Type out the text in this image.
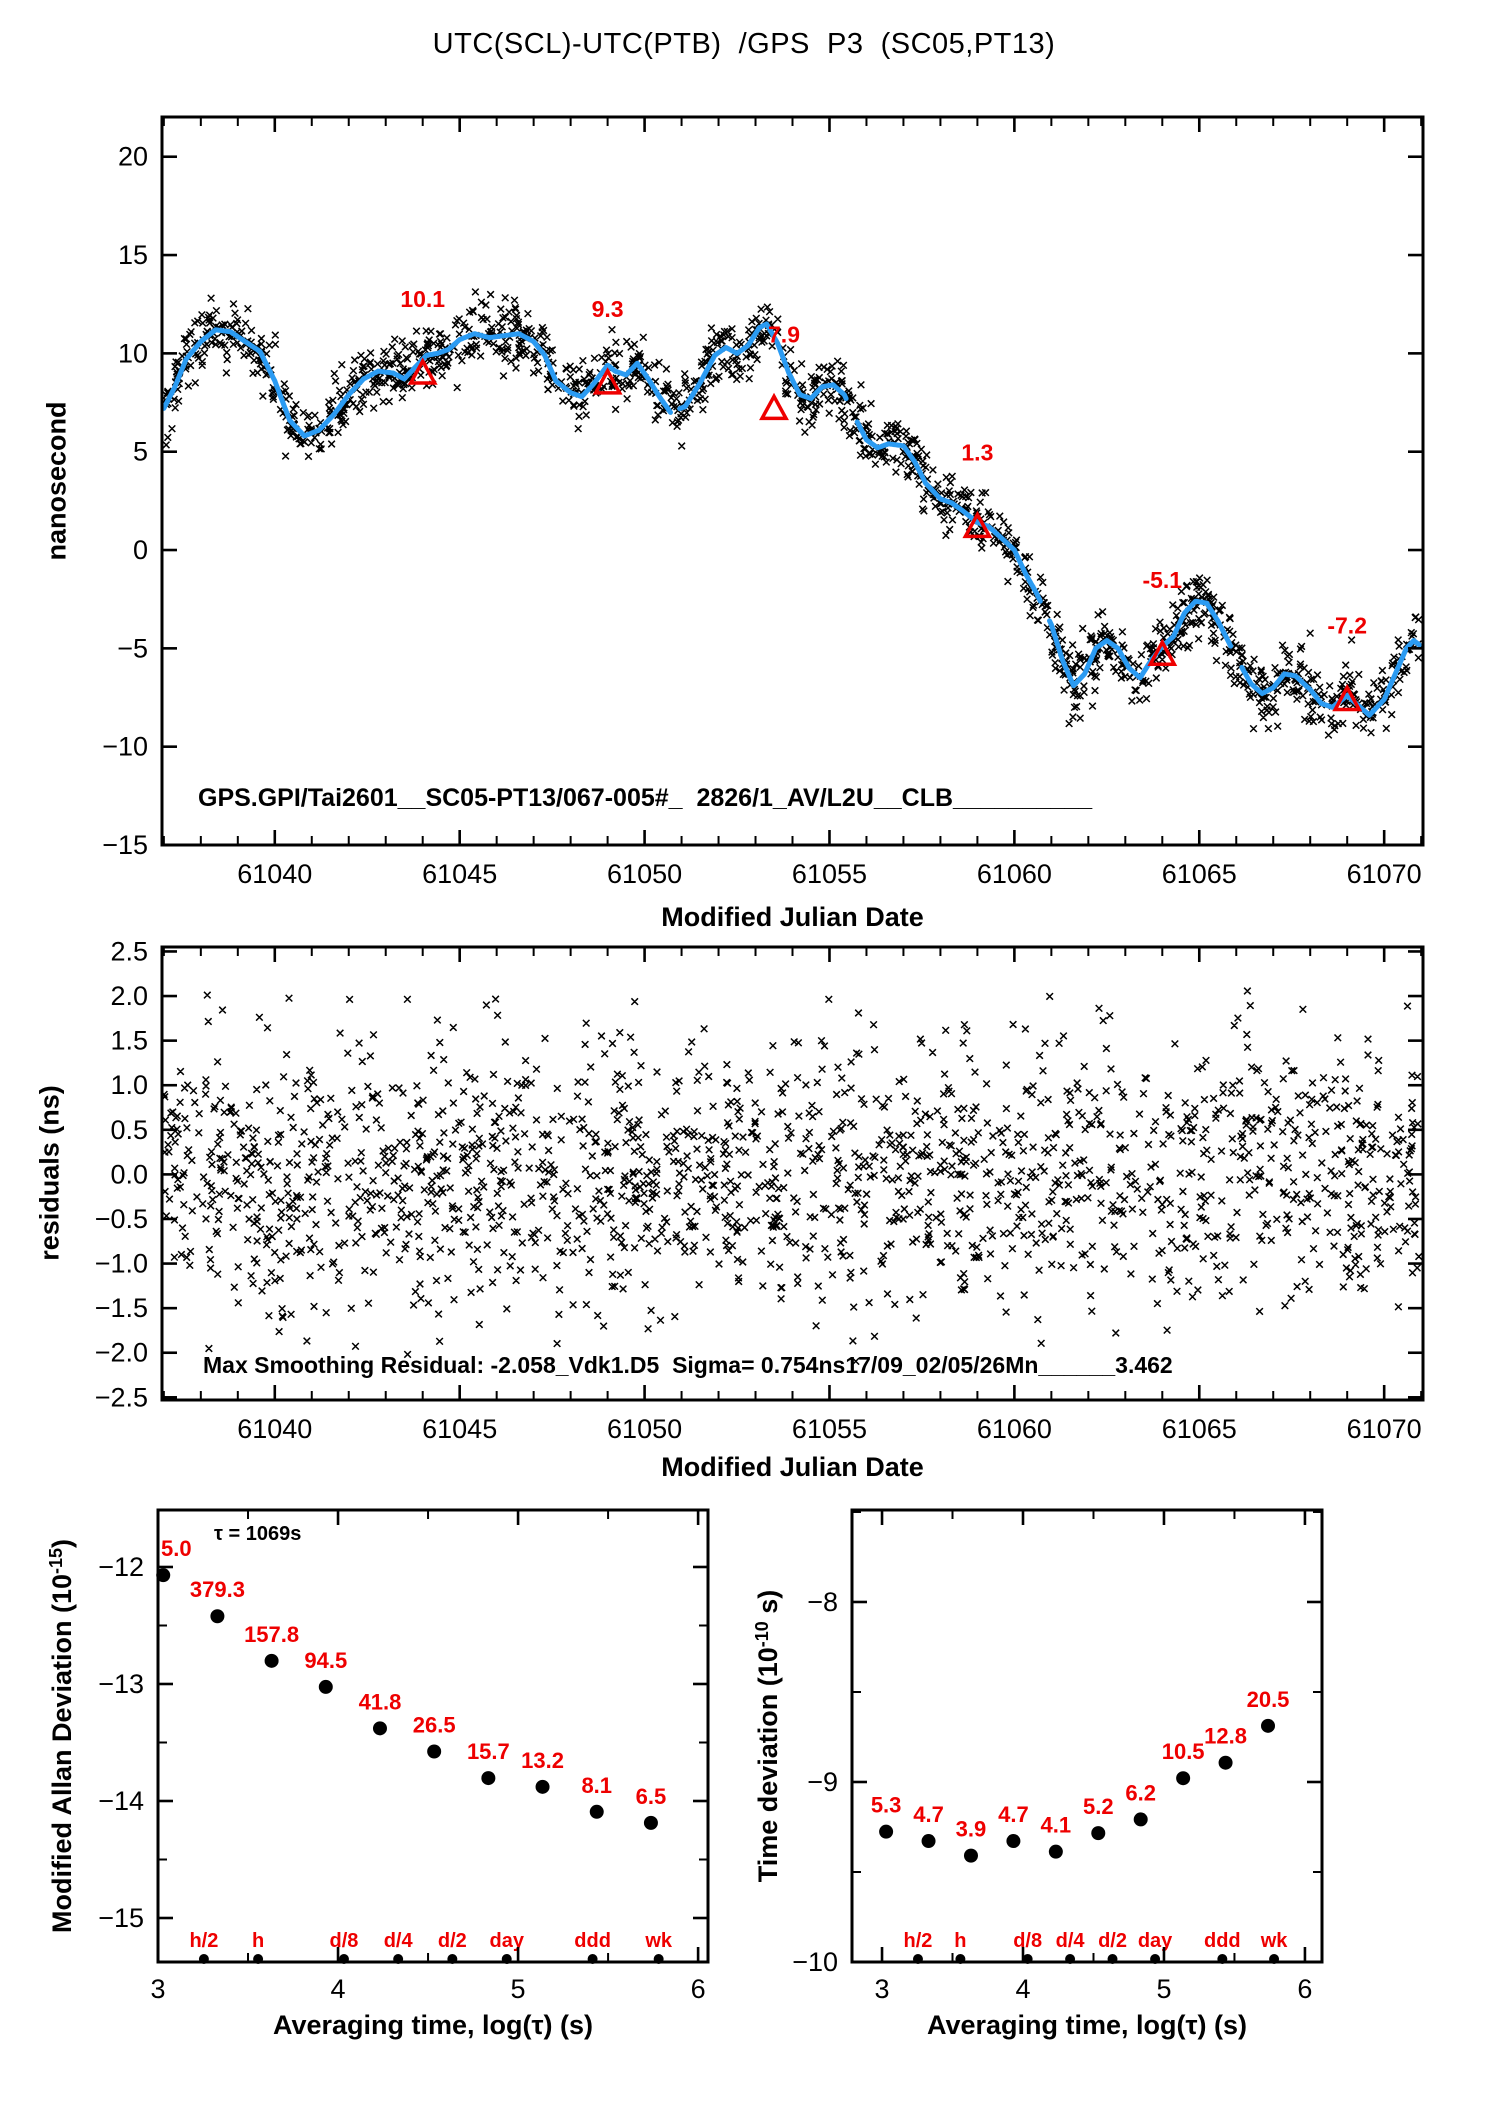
10.1	9.3
7.9
1.3
-5.1
-7.2
61040	61045	61050	61055	61060	61065	61070
20
15
10
5
0
−5
−10
−15
61040	61045	61050	61055	61060	61065	61070
2.5
2.0
1.5
1.0
0.5
0.0
−0.5
−1.0
−1.5
−2.0
−2.5
5.0
379.3
157.8
94.5
41.8
26.5
15.7 13.2
8.1 6.5
h/2 h	d/8 d/4 d/2 day	ddd wk
3	4	5	6
−12
−13
−14
−15
5.3 4.7
3.9
4.7 4.1
5.2
6.2
10.5
12.8
20.5
h/2 h d/8 d/4 d/2 day ddd wk
3	4	5	6
−8
−9
−10
UTC(SCL)-UTC(PTB)  /GPS  P3  (SC05,PT13)
nanosecond
Modified Julian Date
GPS.GPI/Tai2601__SC05-PT13/067-005#_  2826/1_AV/L2U__CLB__________
residuals (ns)
Modified Julian Date
Max Smoothing Residual: -2.058_Vdk1.D5  Sigma= 0.754ns17/09_02/05/26Mn______3.462
Modified Allan Deviation $(10^{-15})$
Averaging time, log(τ) (s)
τ = 1069s
Time deviation ($10^{-10}$ s)
Averaging time, log(τ) (s)
